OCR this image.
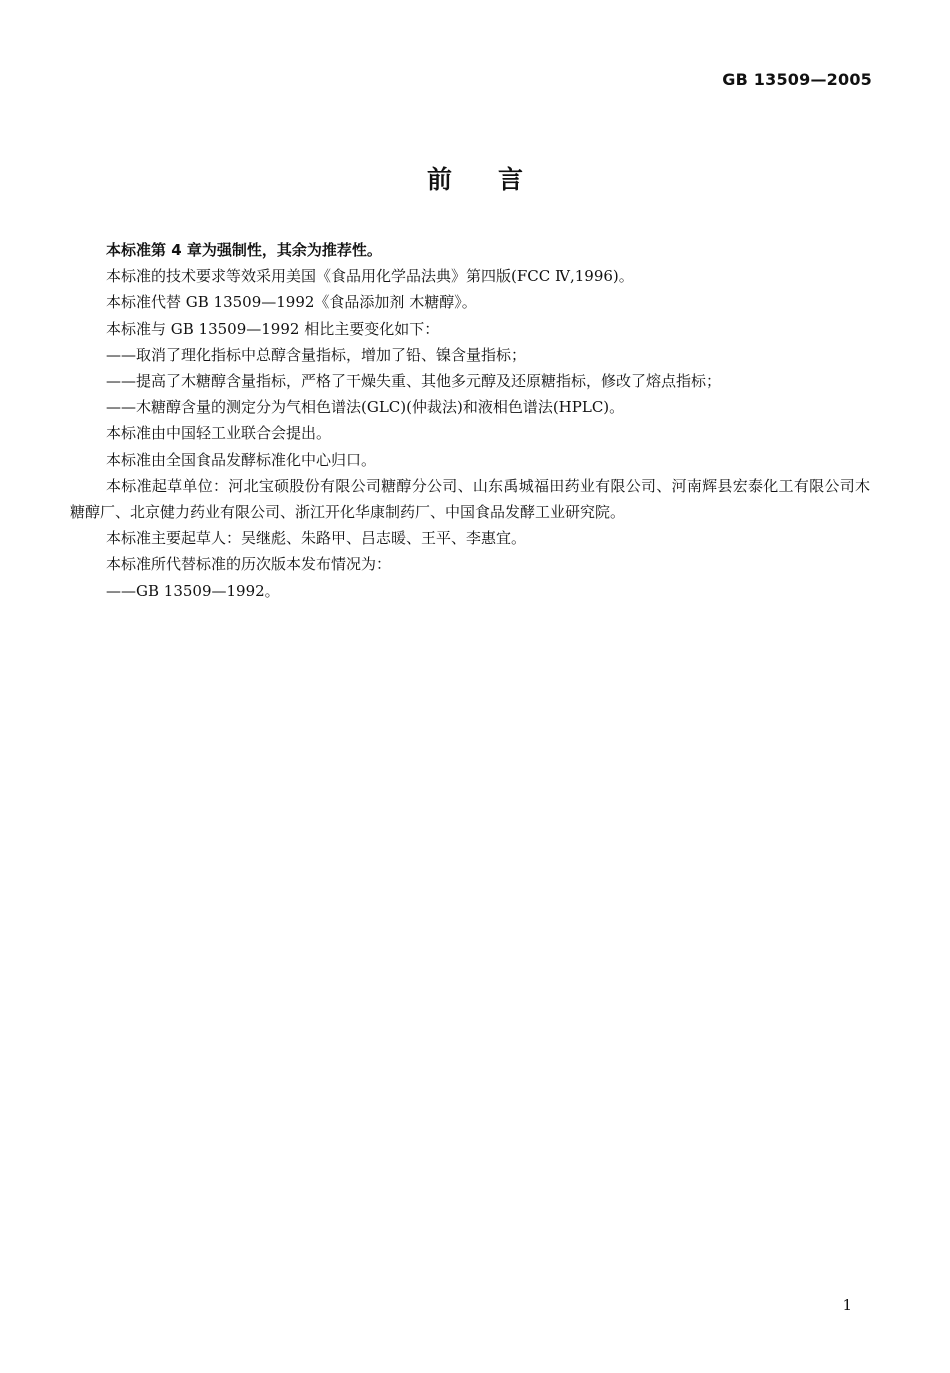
GB 13509—2005
前言

本标准第 4 章为强制性，其余为推荐性。

本标准的技术要求等效采用美国《食品用化学品法典》第四版(FCC Ⅳ,1996)。

本标准代替 GB 13509—1992《食品添加剂 木糖醇》。

本标准与 GB 13509—1992 相比主要变化如下：

——取消了理化指标中总醇含量指标，增加了铅、镍含量指标；

——提高了木糖醇含量指标，严格了干燥失重、其他多元醇及还原糖指标，修改了熔点指标；

——木糖醇含量的测定分为气相色谱法(GLC)(仲裁法)和液相色谱法(HPLC)。

本标准由中国轻工业联合会提出。

本标准由全国食品发酵标准化中心归口。

本标准起草单位：河北宝硕股份有限公司糖醇分公司、山东禹城福田药业有限公司、河南辉县宏泰化工有限公司木糖醇厂、北京健力药业有限公司、浙江开化华康制药厂、中国食品发酵工业研究院。

本标准主要起草人：吴继彪、朱路甲、吕志暖、王平、李惠宜。

本标准所代替标准的历次版本发布情况为：

——GB 13509—1992。

1
